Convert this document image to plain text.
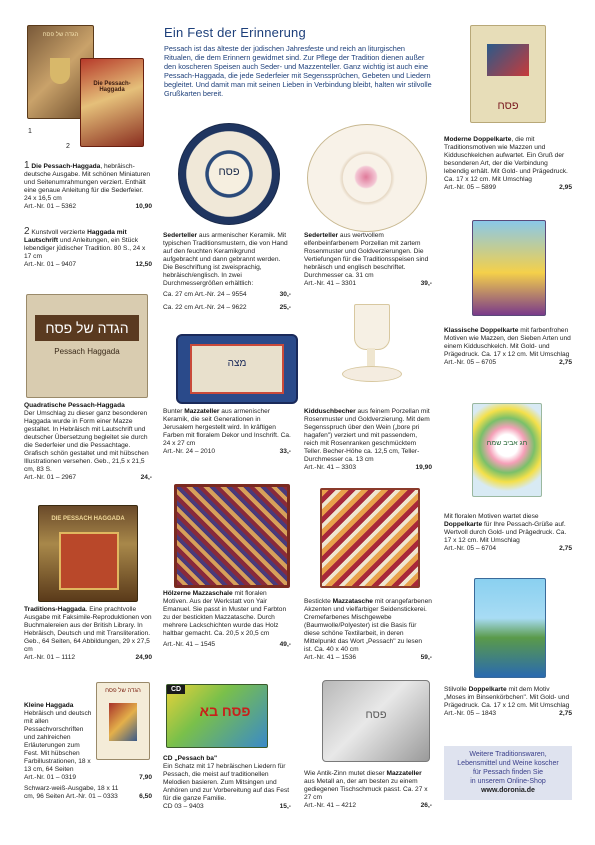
Ein Fest der Erinnerung
Pessach ist das älteste der jüdischen Jahresfeste und reich an liturgischen Ritualen, die dem Erinnern gewidmet sind. Zur Pflege der Tradition dienen außer den koscheren Speisen auch Seder- und Mazzenteller. Ganz wichtig ist auch eine Pessach-Haggada, die jede Sederfeier mit Segenssprüchen, Gebeten und Liedern begleitet. Und damit man mit seinen Lieben in Verbindung bleibt, halten wir stilvolle Grußkarten bereit.
הגדה של פסח
Die Pessach-Haggada
1
2
1 Die Pessach-Haggada, hebräisch-deutsche Ausgabe. Mit schönen Miniaturen und Seitenumrahmungen verziert. Enthält eine genaue Anleitung für die Sederfeier. 24 x 16,5 cm
Art.-Nr. 01 – 5362	10,90
2 Kunstvoll verzierte Haggada mit Lautschrift und Anleitungen, ein Stück lebendiger jüdischer Tradition. 80 S., 24 x 17 cm
Art.-Nr. 01 – 9407	12,50
הגדה של פסח
Pessach Haggada
Quadratische Pessach-Haggada
Der Umschlag zu dieser ganz besonderen Haggada wurde in Form einer Mazze gestaltet. In Hebräisch mit Lautschrift und deutscher Übersetzung begleitet sie durch die Sederfeier und die Pessachtage. Grafisch schön gestaltet und mit hübschen Illustrationen versehen. Geb., 21,5 x 21,5 cm, 83 S.
Art.-Nr. 01 – 2967	24,-
DIE PESSACH HAGGADA
Traditions-Haggada. Eine prachtvolle Ausgabe mit Faksimile-Reproduktionen von Buchmalereien aus der British Library. In Hebräisch, Deutsch und mit Transliteration. Geb., 64 Seiten, 64 Abbildungen, 29 x 27,5 cm
Art.-Nr. 01 – 1112	24,90
הגדה של פסח
Kleine Haggada
Hebräisch und deutsch mit allen Pessachvorschriften und zahlreichen Erläuterungen zum Fest. Mit hübschen Farbillustrationen, 18 x 13 cm, 64 Seiten
Art.-Nr. 01 – 0319	7,90
Schwarz-weiß-Ausgabe, 18 x 11 cm, 96 Seiten Art.-Nr. 01 – 0333	6,50
פסח
Sederteller aus armenischer Keramik. Mit typischen Traditionsmustern, die von Hand auf den feuchten Keramikgrund aufgebracht und dann gebrannt werden. Die Beschriftung ist zweisprachig, hebräisch/englisch. In zwei Durchmessergrößen erhältlich:
Ca. 27 cm Art.-Nr. 24 – 9554	30,-
Ca. 22 cm Art.-Nr. 24 – 9622	25,-
מצה
Bunter Mazzateller aus armenischer Keramik, die seit Generationen in Jerusalem hergestellt wird. In kräftigen Farben mit floralem Dekor und Inschrift. Ca. 24 x 27 cm
Art.-Nr. 24 – 2010	33,-
Hölzerne Mazzaschale mit floralen Motiven. Aus der Werkstatt von Yair Emanuel. Sie passt in Muster und Farbton zu der bestickten Mazzatasche. Durch mehrere Lackschichten wurde das Holz haltbar gemacht. Ca. 20,5 x 20,5 cm
Art.-Nr. 41 – 1545	49,-
CD
פסח בא
CD „Pessach ba"
Ein Schatz mit 17 hebräischen Liedern für Pessach, die meist auf traditionellen Melodien basieren. Zum Mitsingen und Anhören und zur Vorbereitung auf das Fest für die ganze Familie.
CD 03 – 9403	15,-
Sederteller aus wertvollem elfenbeinfarbenem Porzellan mit zartem Rosenmuster und Goldverzierungen. Die Vertiefungen für die Traditionsspeisen sind hebräisch und englisch beschriftet. Durchmesser ca. 31 cm
Art.-Nr. 41 – 3301	39,-
Kidduschbecher aus feinem Porzellan mit Rosenmuster und Goldverzierung. Mit dem Segensspruch über den Wein („bore pri hagafen") verziert und mit passendem, reich mit Rosenranken geschmücktem Teller. Becher-Höhe ca. 12,5 cm, Teller-Durchmesser ca. 13 cm
Art.-Nr. 41 – 3303	19,90
Bestickte Mazzatasche mit orangefarbenen Akzenten und vielfarbiger Seidenstickerei. Cremefarbenes Mischgewebe (Baumwolle/Polyester) ist die Basis für diese schöne Textilarbeit, in deren Mittelpunkt das Wort „Pessach" zu lesen ist. Ca. 40 x 40 cm
Art.-Nr. 41 – 1536	59,-
פסח
Wie Antik-Zinn mutet dieser Mazzateller aus Metall an, der am besten zu einem gediegenen Tischschmuck passt. Ca. 27 x 27 cm
Art.-Nr. 41 – 4212	26,-
פסח
Moderne Doppelkarte, die mit Traditionsmotiven wie Mazzen und Kidduschkelchen aufwartet. Ein Gruß der besonderen Art, der die Verbindung lebendig erhält. Mit Gold- und Prägedruck. Ca. 17 x 12 cm. Mit Umschlag
Art.-Nr. 05 – 5899	2,95
Klassische Doppelkarte mit farbenfrohen Motiven wie Mazzen, den Sieben Arten und einem Kidduschkelch. Mit Gold- und Prägedruck. Ca. 17 x 12 cm. Mit Umschlag
Art.-Nr. 05 – 6705	2,75
חג אביב שמח
Mit floralen Motiven wartet diese Doppelkarte für Ihre Pessach-Grüße auf. Wertvoll durch Gold- und Prägedruck. Ca. 17 x 12 cm. Mit Umschlag
Art.-Nr. 05 – 6704	2,75
Stilvolle Doppelkarte mit dem Motiv „Moses im Binsenkörbchen". Mit Gold- und Prägedruck. Ca. 17 x 12 cm. Mit Umschlag
Art.-Nr. 05 – 1843	2,75
Weitere Traditionswaren,
Lebensmittel und Weine koscher
für Pessach finden Sie
in unserem Online-Shop
www.doronia.de
